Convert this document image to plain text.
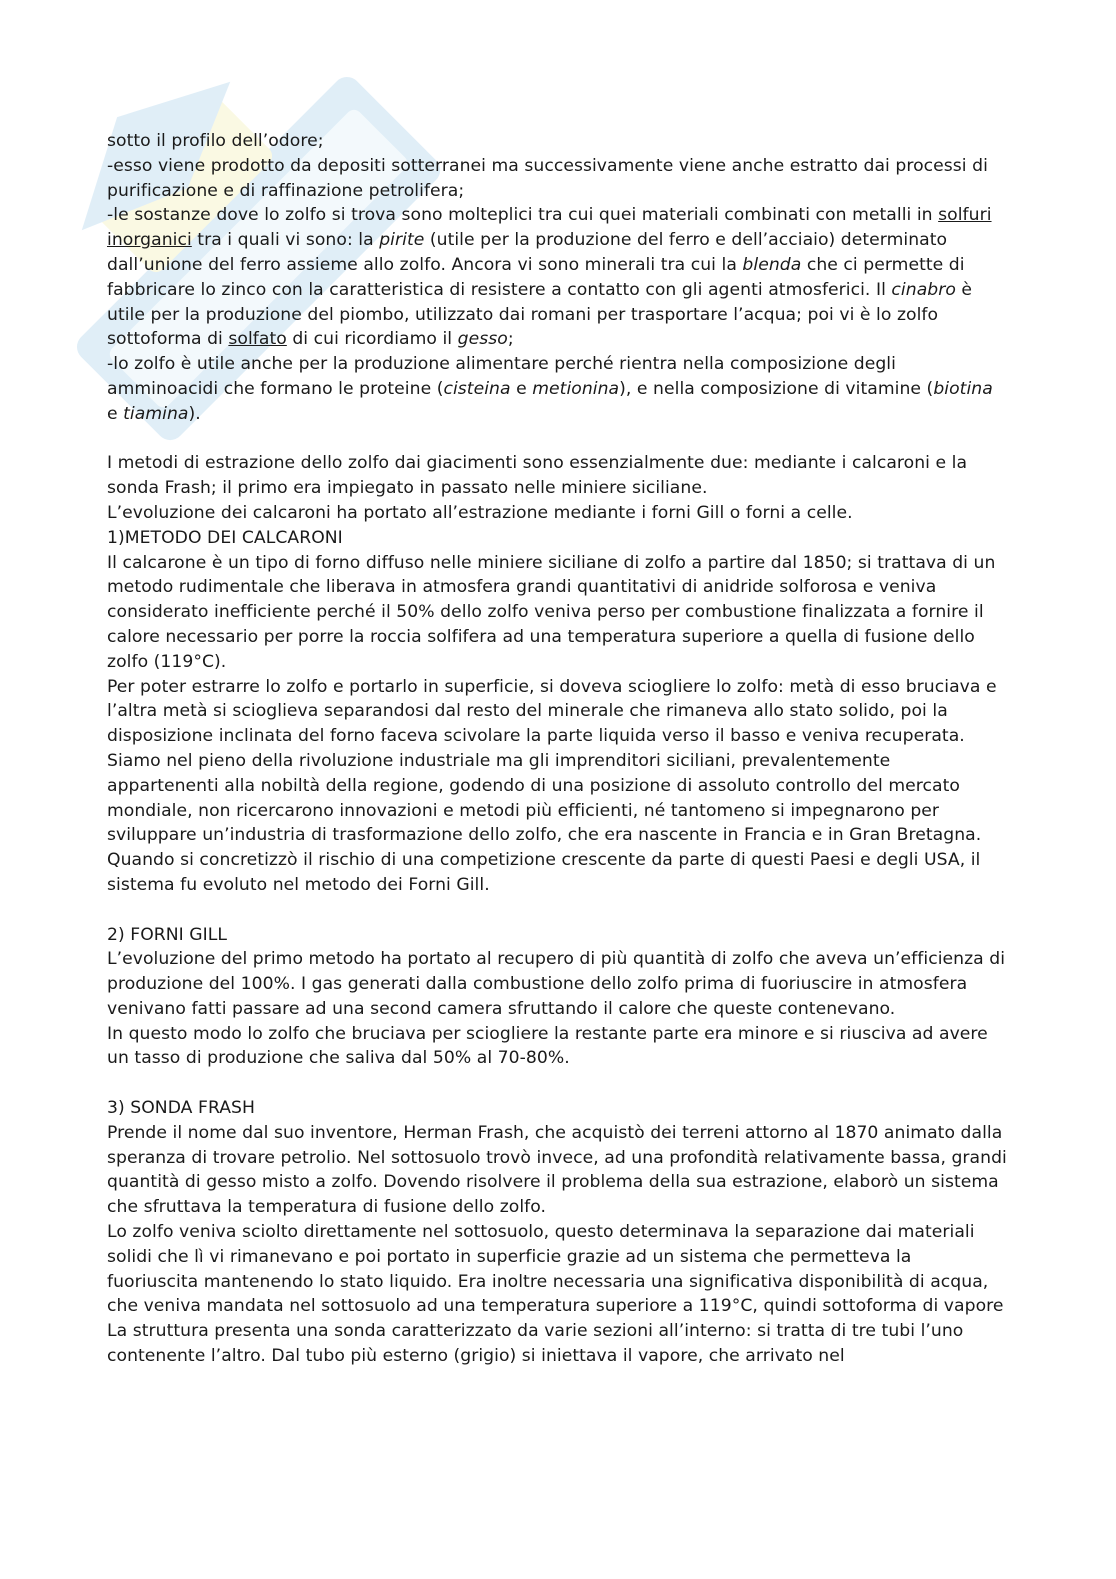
sotto il profilo dell’odore;

-esso viene prodotto da depositi sotterranei ma successivamente viene anche estratto dai processi di purificazione e di raffinazione petrolifera;

-le sostanze dove lo zolfo si trova sono molteplici tra cui quei materiali combinati con metalli in solfuri inorganici tra i quali vi sono: la pirite (utile per la produzione del ferro e dell’acciaio) determinato dall’unione del ferro assieme allo zolfo. Ancora vi sono minerali tra cui la blenda che ci permette di fabbricare lo zinco con la caratteristica di resistere a contatto con gli agenti atmosferici. Il cinabro è utile per la produzione del piombo, utilizzato dai romani per trasportare l’acqua; poi vi è lo zolfo sottoforma di solfato di cui ricordiamo il gesso;

-lo zolfo è utile anche per la produzione alimentare perché rientra nella composizione degli amminoacidi che formano le proteine (cisteina e metionina), e nella composizione di vitamine (biotina e tiamina).

I metodi di estrazione dello zolfo dai giacimenti sono essenzialmente due: mediante i calcaroni e la sonda Frash; il primo era impiegato in passato nelle miniere siciliane.

L’evoluzione dei calcaroni ha portato all’estrazione mediante i forni Gill o forni a celle.

1)METODO DEI CALCARONI

Il calcarone è un tipo di forno diffuso nelle miniere siciliane di zolfo a partire dal 1850; si trattava di un metodo rudimentale che liberava in atmosfera grandi quantitativi di anidride solforosa e veniva considerato inefficiente perché il 50% dello zolfo veniva perso per combustione finalizzata a fornire il calore necessario per porre la roccia solfifera ad una temperatura superiore a quella di fusione dello zolfo (119°C).

Per poter estrarre lo zolfo e portarlo in superficie, si doveva sciogliere lo zolfo: metà di esso bruciava e l’altra metà si scioglieva separandosi dal resto del minerale che rimaneva allo stato solido, poi la disposizione inclinata del forno faceva scivolare la parte liquida verso il basso e veniva recuperata.

Siamo nel pieno della rivoluzione industriale ma gli imprenditori siciliani, prevalentemente appartenenti alla nobiltà della regione, godendo di una posizione di assoluto controllo del mercato mondiale, non ricercarono innovazioni e metodi più efficienti, né tantomeno si impegnarono per sviluppare un’industria di trasformazione dello zolfo, che era nascente in Francia e in Gran Bretagna.

Quando si concretizzò il rischio di una competizione crescente da parte di questi Paesi e degli USA, il sistema fu evoluto nel metodo dei Forni Gill.

2) FORNI GILL

L’evoluzione del primo metodo ha portato al recupero di più quantità di zolfo che aveva un’efficienza di produzione del 100%. I gas generati dalla combustione dello zolfo prima di fuoriuscire in atmosfera venivano fatti passare ad una second camera sfruttando il calore che queste contenevano.

In questo modo lo zolfo che bruciava per sciogliere la restante parte era minore e si riusciva ad avere un tasso di produzione che saliva dal 50% al 70-80%.

3) SONDA FRASH

Prende il nome dal suo inventore, Herman Frash, che acquistò dei terreni attorno al 1870 animato dalla speranza di trovare petrolio. Nel sottosuolo trovò invece, ad una profondità relativamente bassa, grandi quantità di gesso misto a zolfo. Dovendo risolvere il problema della sua estrazione, elaborò un sistema che sfruttava la temperatura di fusione dello zolfo.

Lo zolfo veniva sciolto direttamente nel sottosuolo, questo determinava la separazione dai materiali solidi che lì vi rimanevano e poi portato in superficie grazie ad un sistema che permetteva la fuoriuscita mantenendo lo stato liquido. Era inoltre necessaria una significativa disponibilità di acqua, che veniva mandata nel sottosuolo ad una temperatura superiore a 119°C, quindi sottoforma di vapore

La struttura presenta una sonda caratterizzato da varie sezioni all’interno: si tratta di tre tubi l’uno contenente l’altro. Dal tubo più esterno (grigio) si iniettava il vapore, che arrivato nel
